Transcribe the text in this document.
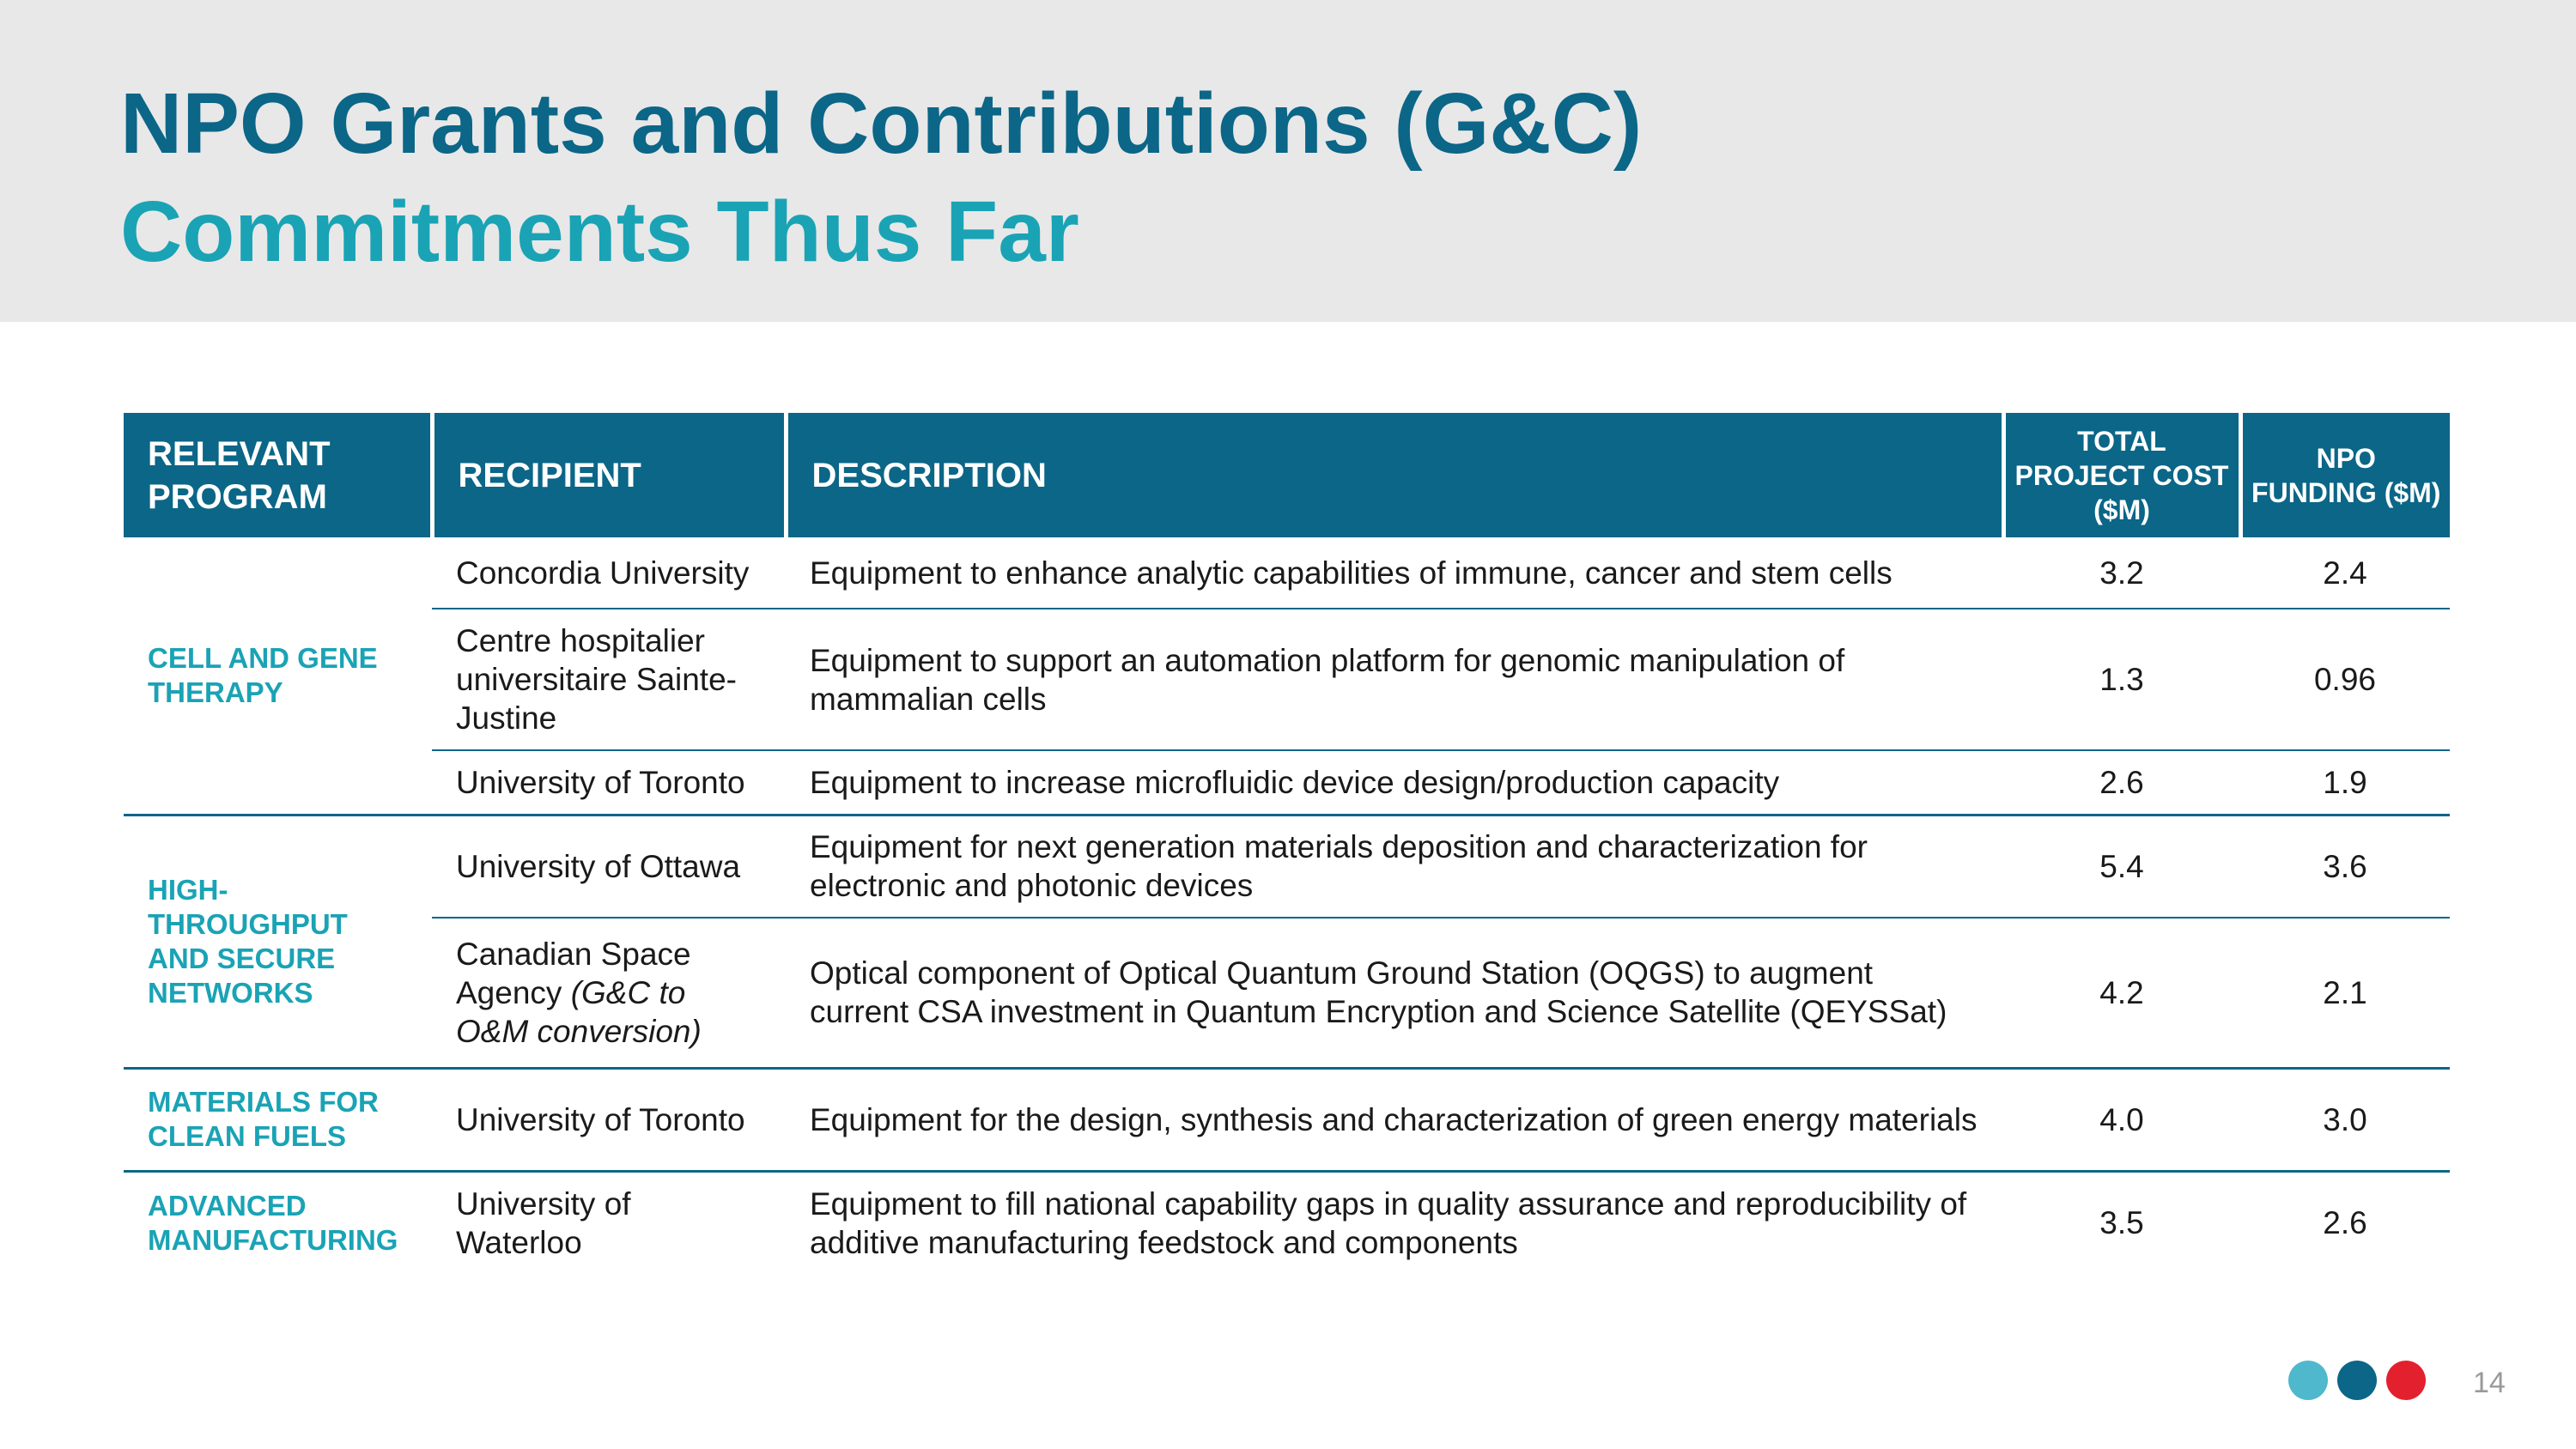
NPO Grants and Contributions (G&C)
Commitments Thus Far
RELEVANT PROGRAM	RECIPIENT	DESCRIPTION	TOTAL PROJECT COST ($M)	NPO FUNDING ($M)
CELL AND GENE THERAPY	Concordia University	Equipment to enhance analytic capabilities of immune, cancer and stem cells	3.2	2.4
	Centre hospitalier universitaire Sainte-Justine	Equipment to support an automation platform for genomic manipulation of mammalian cells	1.3	0.96
	University of Toronto	Equipment to increase microfluidic device design/production capacity	2.6	1.9
HIGH-THROUGHPUT AND SECURE NETWORKS	University of Ottawa	Equipment for next generation materials deposition and characterization for electronic and photonic devices	5.4	3.6
	Canadian Space Agency (G&C to O&M conversion)	Optical component of Optical Quantum Ground Station (OQGS) to augment current CSA investment in Quantum Encryption and Science Satellite (QEYSSat)	4.2	2.1
MATERIALS FOR CLEAN FUELS	University of Toronto	Equipment for the design, synthesis and characterization of green energy materials	4.0	3.0
ADVANCED MANUFACTURING	University of Waterloo	Equipment to fill national capability gaps in quality assurance and reproducibility of additive manufacturing feedstock and components	3.5	2.6
14
